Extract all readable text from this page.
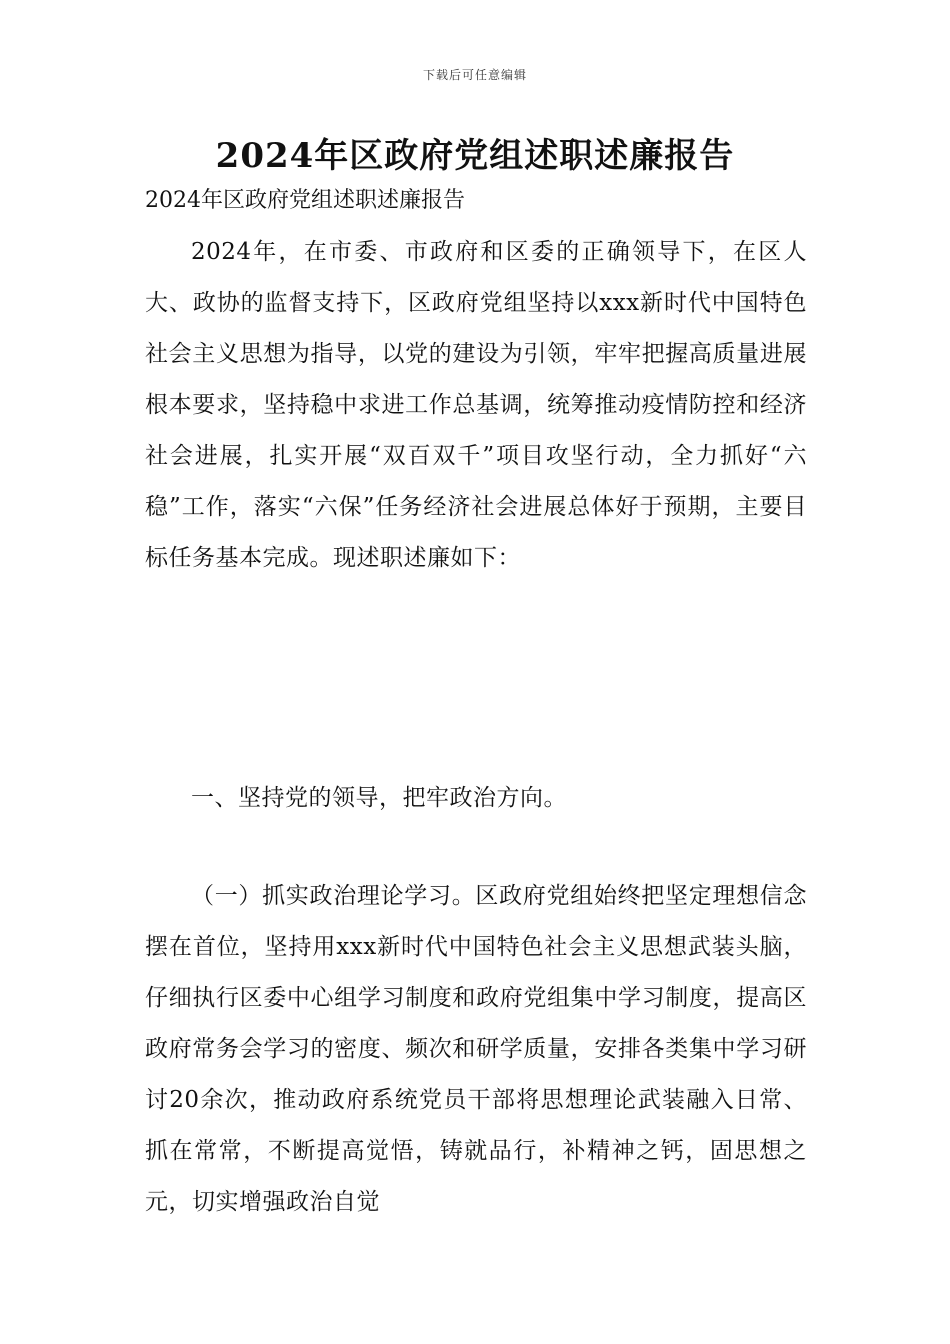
下载后可任意编辑
2024年区政府党组述职述廉报告

2024年区政府党组述职述廉报告

2024年，在市委、市政府和区委的正确领导下，在区人大、政协的监督支持下，区政府党组坚持以xxx新时代中国特色社会主义思想为指导，以党的建设为引领，牢牢把握高质量进展根本要求，坚持稳中求进工作总基调，统筹推动疫情防控和经济社会进展，扎实开展“双百双千”项目攻坚行动，全力抓好“六稳”工作，落实“六保”任务经济社会进展总体好于预期，主要目标任务基本完成。现述职述廉如下：

一、坚持党的领导，把牢政治方向。

（一）抓实政治理论学习。区政府党组始终把坚定理想信念摆在首位，坚持用xxx新时代中国特色社会主义思想武装头脑，仔细执行区委中心组学习制度和政府党组集中学习制度，提高区政府常务会学习的密度、频次和研学质量，安排各类集中学习研讨20余次，推动政府系统党员干部将思想理论武装融入日常、抓在常常，不断提高觉悟，铸就品行，补精神之钙，固思想之元，切实增强政治自觉
